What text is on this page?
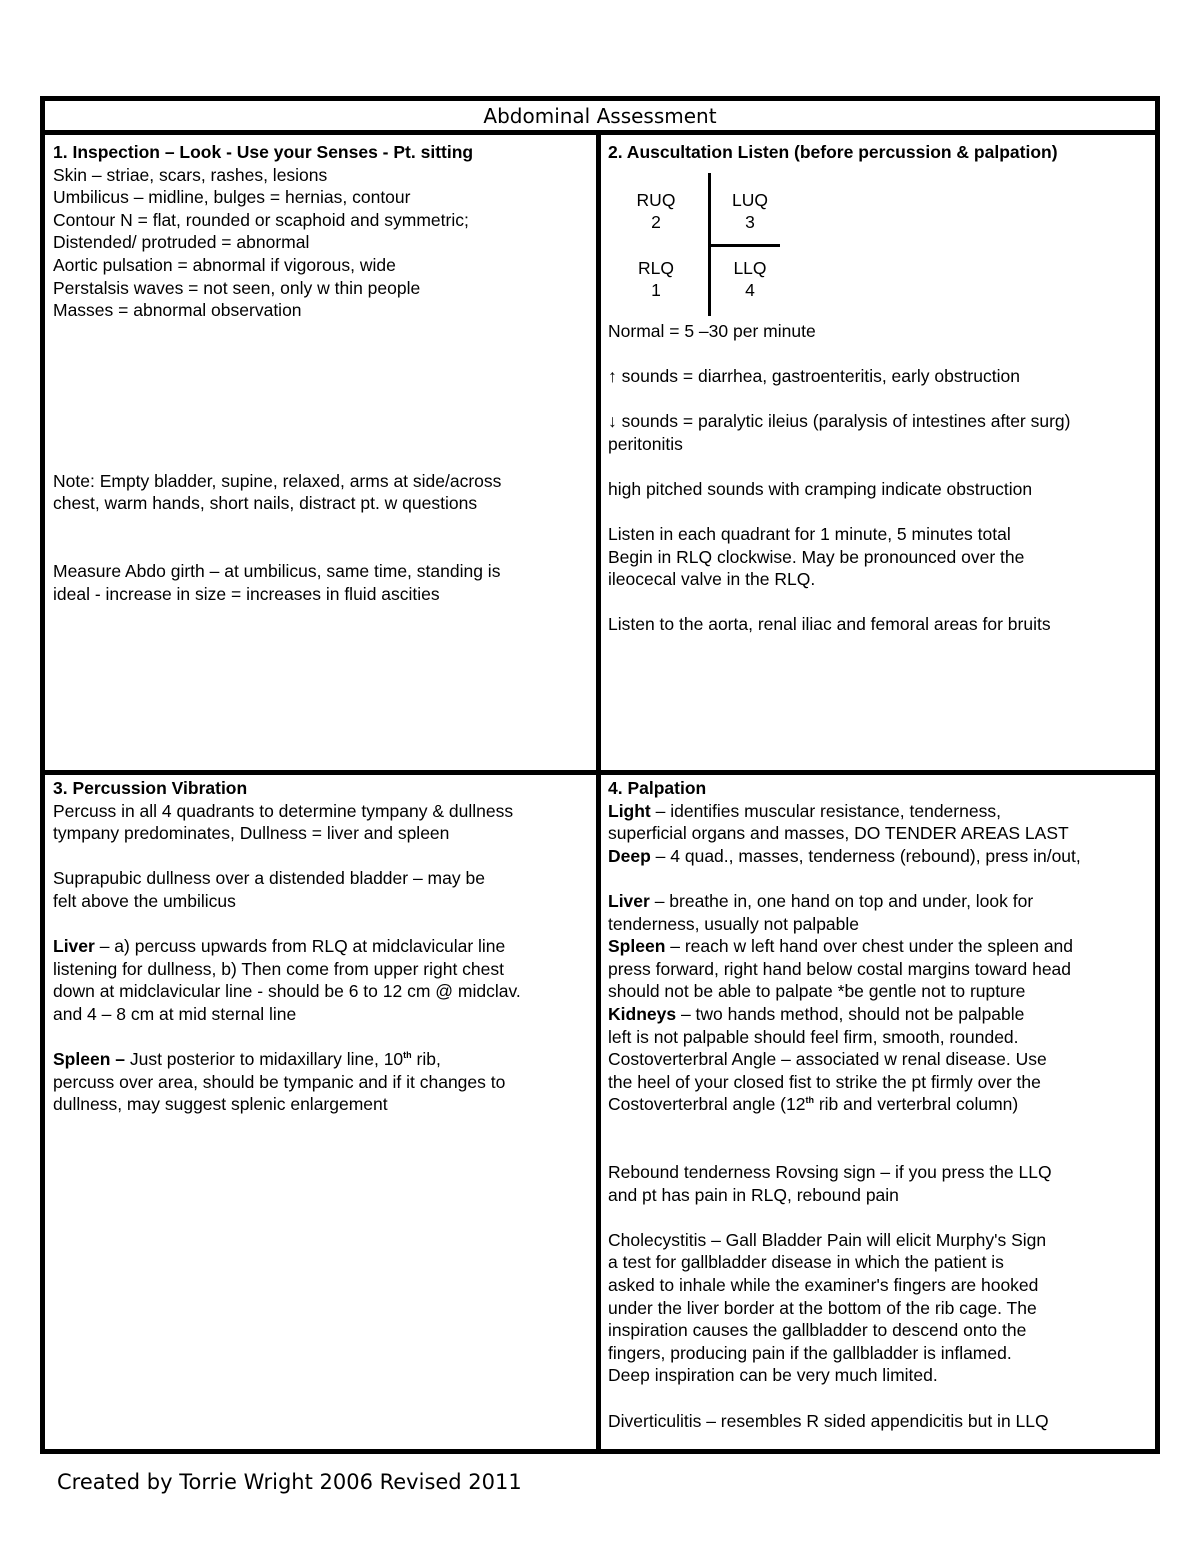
Abdominal Assessment
1. Inspection – Look - Use your Senses - Pt. sitting
Skin – striae, scars, rashes, lesions
Umbilicus – midline, bulges = hernias, contour
Contour N = flat, rounded or scaphoid and symmetric;
Distended/ protruded = abnormal
Aortic pulsation = abnormal if vigorous, wide
Perstalsis waves = not seen, only w thin people
Masses = abnormal observation
Note: Empty bladder, supine, relaxed, arms at side/across
chest, warm hands, short nails, distract pt. w questions
Measure Abdo girth – at umbilicus, same time, standing is
ideal - increase in size = increases in fluid ascities
2. Auscultation Listen (before percussion & palpation)
RUQ
2
LUQ
3
RLQ
1
LLQ
4
Normal = 5 –30 per minute
↑ sounds = diarrhea, gastroenteritis, early obstruction
↓ sounds = paralytic ileius (paralysis of intestines after surg)
peritonitis
high pitched sounds with cramping indicate obstruction
Listen in each quadrant for 1 minute, 5 minutes total
Begin in RLQ clockwise. May be pronounced over the
ileocecal valve in the RLQ.
Listen to the aorta, renal iliac and femoral areas for bruits
3. Percussion Vibration
Percuss in all 4 quadrants to determine tympany & dullness
tympany predominates, Dullness = liver and spleen
Suprapubic dullness over a distended bladder – may be
felt above the umbilicus
Liver – a) percuss upwards from RLQ at midclavicular line
listening for dullness, b) Then come from upper right chest
down at midclavicular line - should be 6 to 12 cm @ midclav.
and 4 – 8 cm at mid sternal line
Spleen – Just posterior to midaxillary line, 10th rib,
percuss over area, should be tympanic and if it changes to
dullness, may suggest splenic enlargement
4. Palpation
Light – identifies muscular resistance, tenderness,
superficial organs and masses, DO TENDER AREAS LAST
Deep – 4 quad., masses, tenderness (rebound), press in/out,
Liver – breathe in, one hand on top and under, look for
tenderness, usually not palpable
Spleen – reach w left hand over chest under the spleen and
press forward, right hand below costal margins toward head
should not be able to palpate *be gentle not to rupture
Kidneys – two hands method, should not be palpable
left is not palpable should feel firm, smooth, rounded.
Costoverterbral Angle – associated w renal disease. Use
the heel of your closed fist to strike the pt firmly over the
Costoverterbral angle (12th rib and verterbral column)
Rebound tenderness Rovsing sign – if you press the LLQ
and pt has pain in RLQ, rebound pain
Cholecystitis – Gall Bladder Pain will elicit Murphy's Sign
a test for gallbladder disease in which the patient is
asked to inhale while the examiner's fingers are hooked
under the liver border at the bottom of the rib cage. The
inspiration causes the gallbladder to descend onto the
fingers, producing pain if the gallbladder is inflamed.
Deep inspiration can be very much limited.
Diverticulitis – resembles R sided appendicitis but in LLQ
Created by Torrie Wright 2006 Revised 2011
